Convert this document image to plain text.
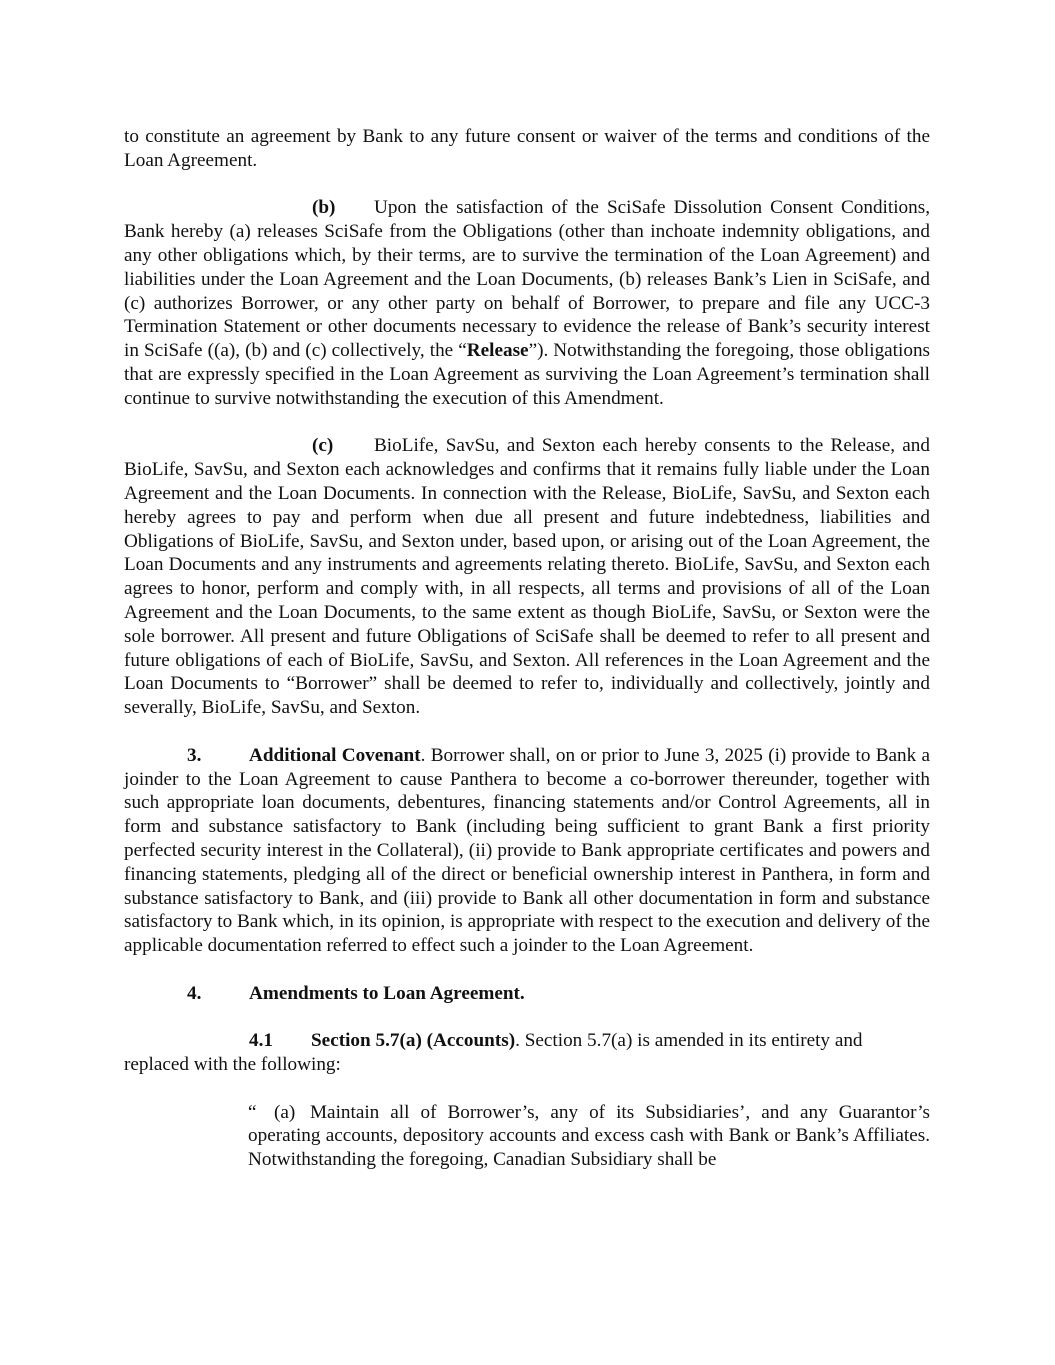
to constitute an agreement by Bank to any future consent or waiver of the terms and conditions of the Loan Agreement.

(b) Upon the satisfaction of the SciSafe Dissolution Consent Conditions, Bank hereby (a) releases SciSafe from the Obligations (other than inchoate indemnity obligations, and any other obligations which, by their terms, are to survive the termination of the Loan Agreement) and liabilities under the Loan Agreement and the Loan Documents, (b) releases Bank’s Lien in SciSafe, and (c) authorizes Borrower, or any other party on behalf of Borrower, to prepare and file any UCC-3 Termination Statement or other documents necessary to evidence the release of Bank’s security interest in SciSafe ((a), (b) and (c) collectively, the “Release”). Notwithstanding the foregoing, those obligations that are expressly specified in the Loan Agreement as surviving the Loan Agreement’s termination shall continue to survive notwithstanding the execution of this Amendment.

(c) BioLife, SavSu, and Sexton each hereby consents to the Release, and BioLife, SavSu, and Sexton each acknowledges and confirms that it remains fully liable under the Loan Agreement and the Loan Documents. In connection with the Release, BioLife, SavSu, and Sexton each hereby agrees to pay and perform when due all present and future indebtedness, liabilities and Obligations of BioLife, SavSu, and Sexton under, based upon, or arising out of the Loan Agreement, the Loan Documents and any instruments and agreements relating thereto. BioLife, SavSu, and Sexton each agrees to honor, perform and comply with, in all respects, all terms and provisions of all of the Loan Agreement and the Loan Documents, to the same extent as though BioLife, SavSu, or Sexton were the sole borrower. All present and future Obligations of SciSafe shall be deemed to refer to all present and future obligations of each of BioLife, SavSu, and Sexton. All references in the Loan Agreement and the Loan Documents to “Borrower” shall be deemed to refer to, individually and collectively, jointly and severally, BioLife, SavSu, and Sexton.

3. Additional Covenant. Borrower shall, on or prior to June 3, 2025 (i) provide to Bank a joinder to the Loan Agreement to cause Panthera to become a co-borrower thereunder, together with such appropriate loan documents, debentures, financing statements and/or Control Agreements, all in form and substance satisfactory to Bank (including being sufficient to grant Bank a first priority perfected security interest in the Collateral), (ii) provide to Bank appropriate certificates and powers and financing statements, pledging all of the direct or beneficial ownership interest in Panthera, in form and substance satisfactory to Bank, and (iii) provide to Bank all other documentation in form and substance satisfactory to Bank which, in its opinion, is appropriate with respect to the execution and delivery of the applicable documentation referred to effect such a joinder to the Loan Agreement.

4. Amendments to Loan Agreement.

4.1 Section 5.7(a) (Accounts). Section 5.7(a) is amended in its entirety and replaced with the following:

“ (a) Maintain all of Borrower’s, any of its Subsidiaries’, and any Guarantor’s operating accounts, depository accounts and excess cash with Bank or Bank’s Affiliates. Notwithstanding the foregoing, Canadian Subsidiary shall be
